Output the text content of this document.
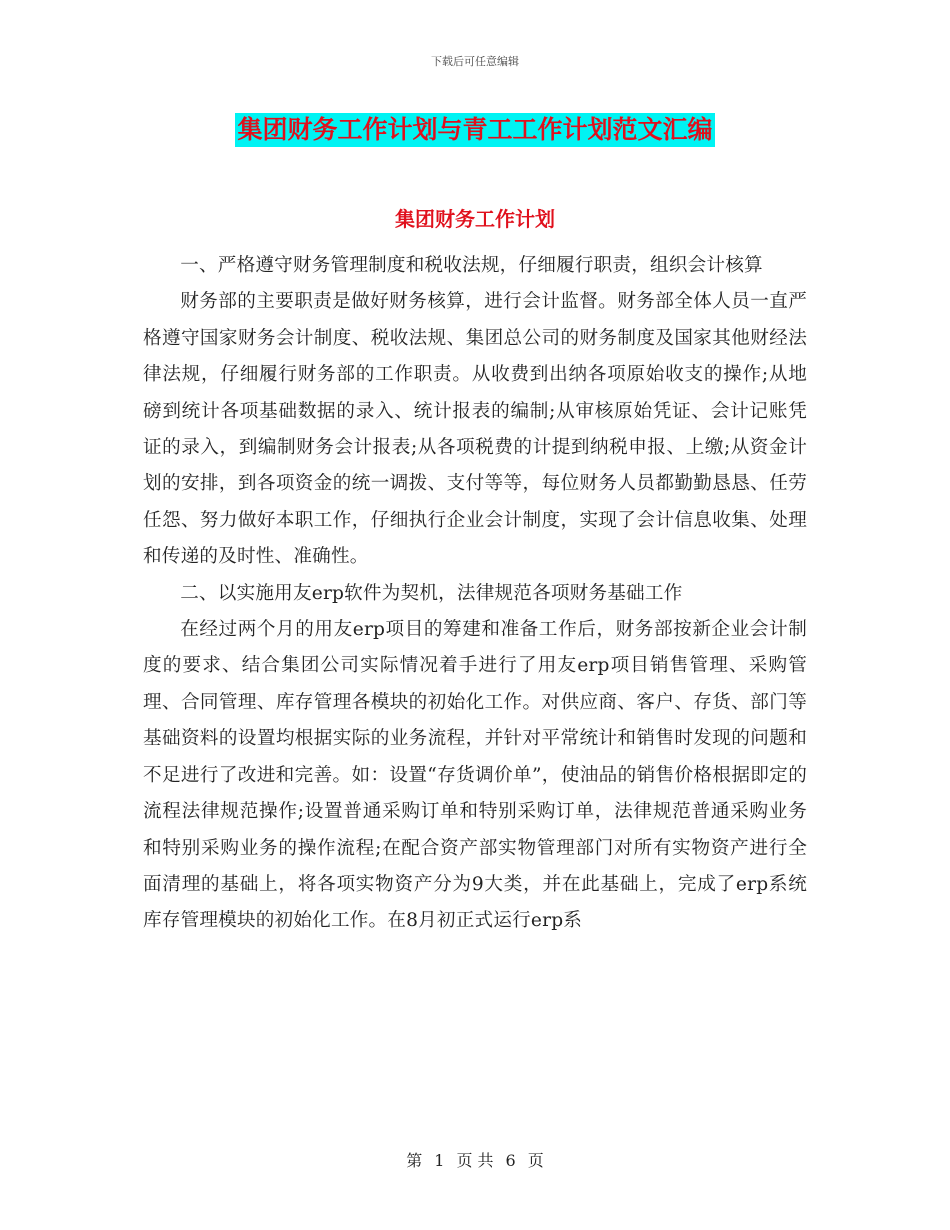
下载后可任意编辑
集团财务工作计划与青工工作计划范文汇编
集团财务工作计划

一、严格遵守财务管理制度和税收法规，仔细履行职责，组织会计核算

财务部的主要职责是做好财务核算，进行会计监督。财务部全体人员一直严格遵守国家财务会计制度、税收法规、集团总公司的财务制度及国家其他财经法律法规，仔细履行财务部的工作职责。从收费到出纳各项原始收支的操作;从地磅到统计各项基础数据的录入、统计报表的编制;从审核原始凭证、会计记账凭证的录入，到编制财务会计报表;从各项税费的计提到纳税申报、上缴;从资金计划的安排，到各项资金的统一调拨、支付等等，每位财务人员都勤勤恳恳、任劳任怨、努力做好本职工作，仔细执行企业会计制度，实现了会计信息收集、处理和传递的及时性、准确性。

二、以实施用友erp软件为契机，法律规范各项财务基础工作

在经过两个月的用友erp项目的筹建和准备工作后，财务部按新企业会计制度的要求、结合集团公司实际情况着手进行了用友erp项目销售管理、采购管理、合同管理、库存管理各模块的初始化工作。对供应商、客户、存货、部门等基础资料的设置均根据实际的业务流程，并针对平常统计和销售时发现的问题和不足进行了改进和完善。如：设置“存货调价单”，使油品的销售价格根据即定的流程法律规范操作;设置普通采购订单和特别采购订单，法律规范普通采购业务和特别采购业务的操作流程;在配合资产部实物管理部门对所有实物资产进行全面清理的基础上，将各项实物资产分为9大类，并在此基础上，完成了erp系统库存管理模块的初始化工作。在8月初正式运行erp系

第 1 页 共 6 页
